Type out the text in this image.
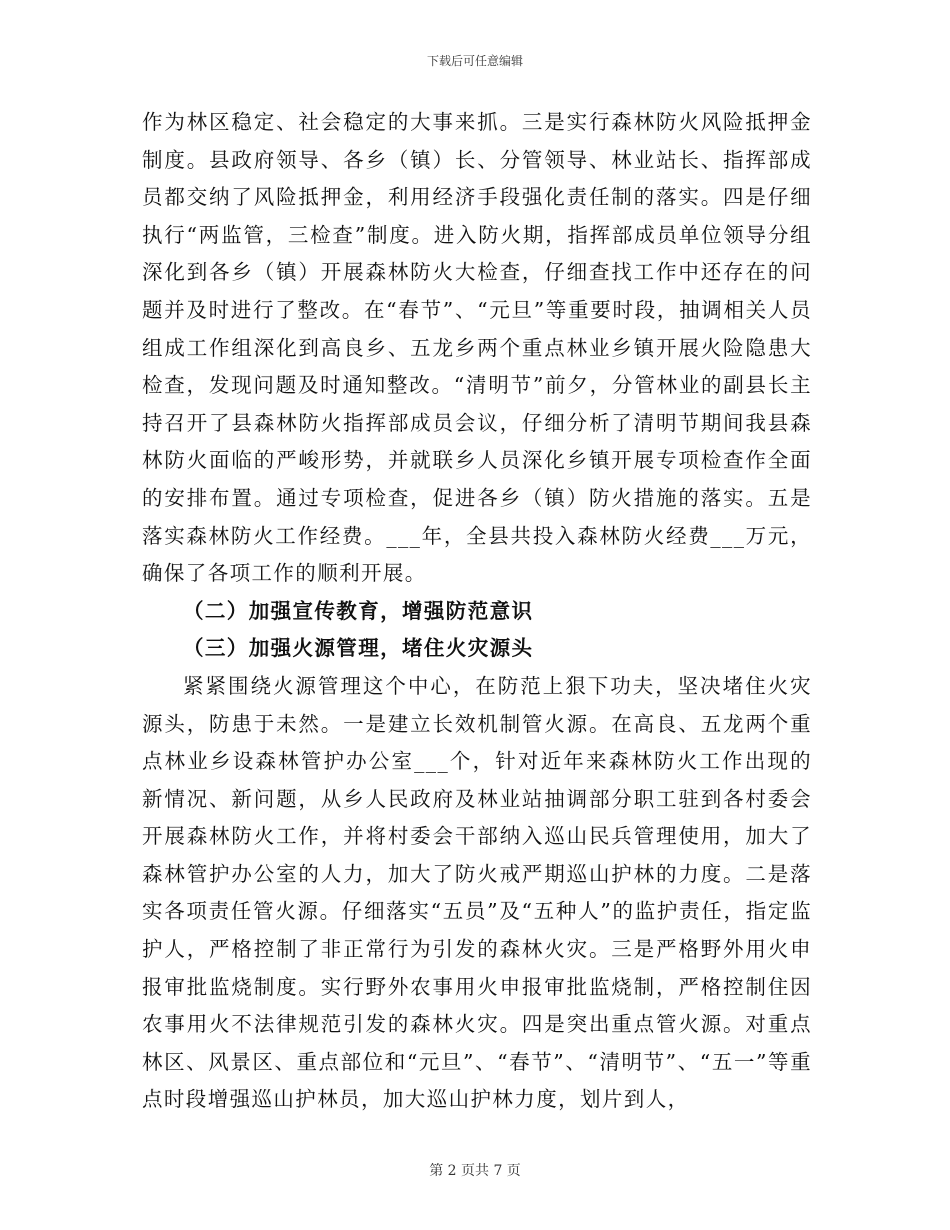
下载后可任意编辑

作为林区稳定、社会稳定的大事来抓。三是实行森林防火风险抵押金制度。县政府领导、各乡（镇）长、分管领导、林业站长、指挥部成员都交纳了风险抵押金，利用经济手段强化责任制的落实。四是仔细执行“两监管，三检查”制度。进入防火期，指挥部成员单位领导分组深化到各乡（镇）开展森林防火大检查，仔细查找工作中还存在的问题并及时进行了整改。在“春节”、“元旦”等重要时段，抽调相关人员组成工作组深化到高良乡、五龙乡两个重点林业乡镇开展火险隐患大检查，发现问题及时通知整改。“清明节”前夕，分管林业的副县长主持召开了县森林防火指挥部成员会议，仔细分析了清明节期间我县森林防火面临的严峻形势，并就联乡人员深化乡镇开展专项检查作全面的安排布置。通过专项检查，促进各乡（镇）防火措施的落实。五是落实森林防火工作经费。___年，全县共投入森林防火经费___万元，确保了各项工作的顺利开展。

（二）加强宣传教育，增强防范意识

（三）加强火源管理，堵住火灾源头

紧紧围绕火源管理这个中心，在防范上狠下功夫，坚决堵住火灾源头，防患于未然。一是建立长效机制管火源。在高良、五龙两个重点林业乡设森林管护办公室___个，针对近年来森林防火工作出现的新情况、新问题，从乡人民政府及林业站抽调部分职工驻到各村委会开展森林防火工作，并将村委会干部纳入巡山民兵管理使用，加大了森林管护办公室的人力，加大了防火戒严期巡山护林的力度。二是落实各项责任管火源。仔细落实“五员”及“五种人”的监护责任，指定监护人，严格控制了非正常行为引发的森林火灾。三是严格野外用火申报审批监烧制度。实行野外农事用火申报审批监烧制，严格控制住因农事用火不法律规范引发的森林火灾。四是突出重点管火源。对重点林区、风景区、重点部位和“元旦”、“春节”、“清明节”、“五一”等重点时段增强巡山护林员，加大巡山护林力度，划片到人，

第 2 页共 7 页
